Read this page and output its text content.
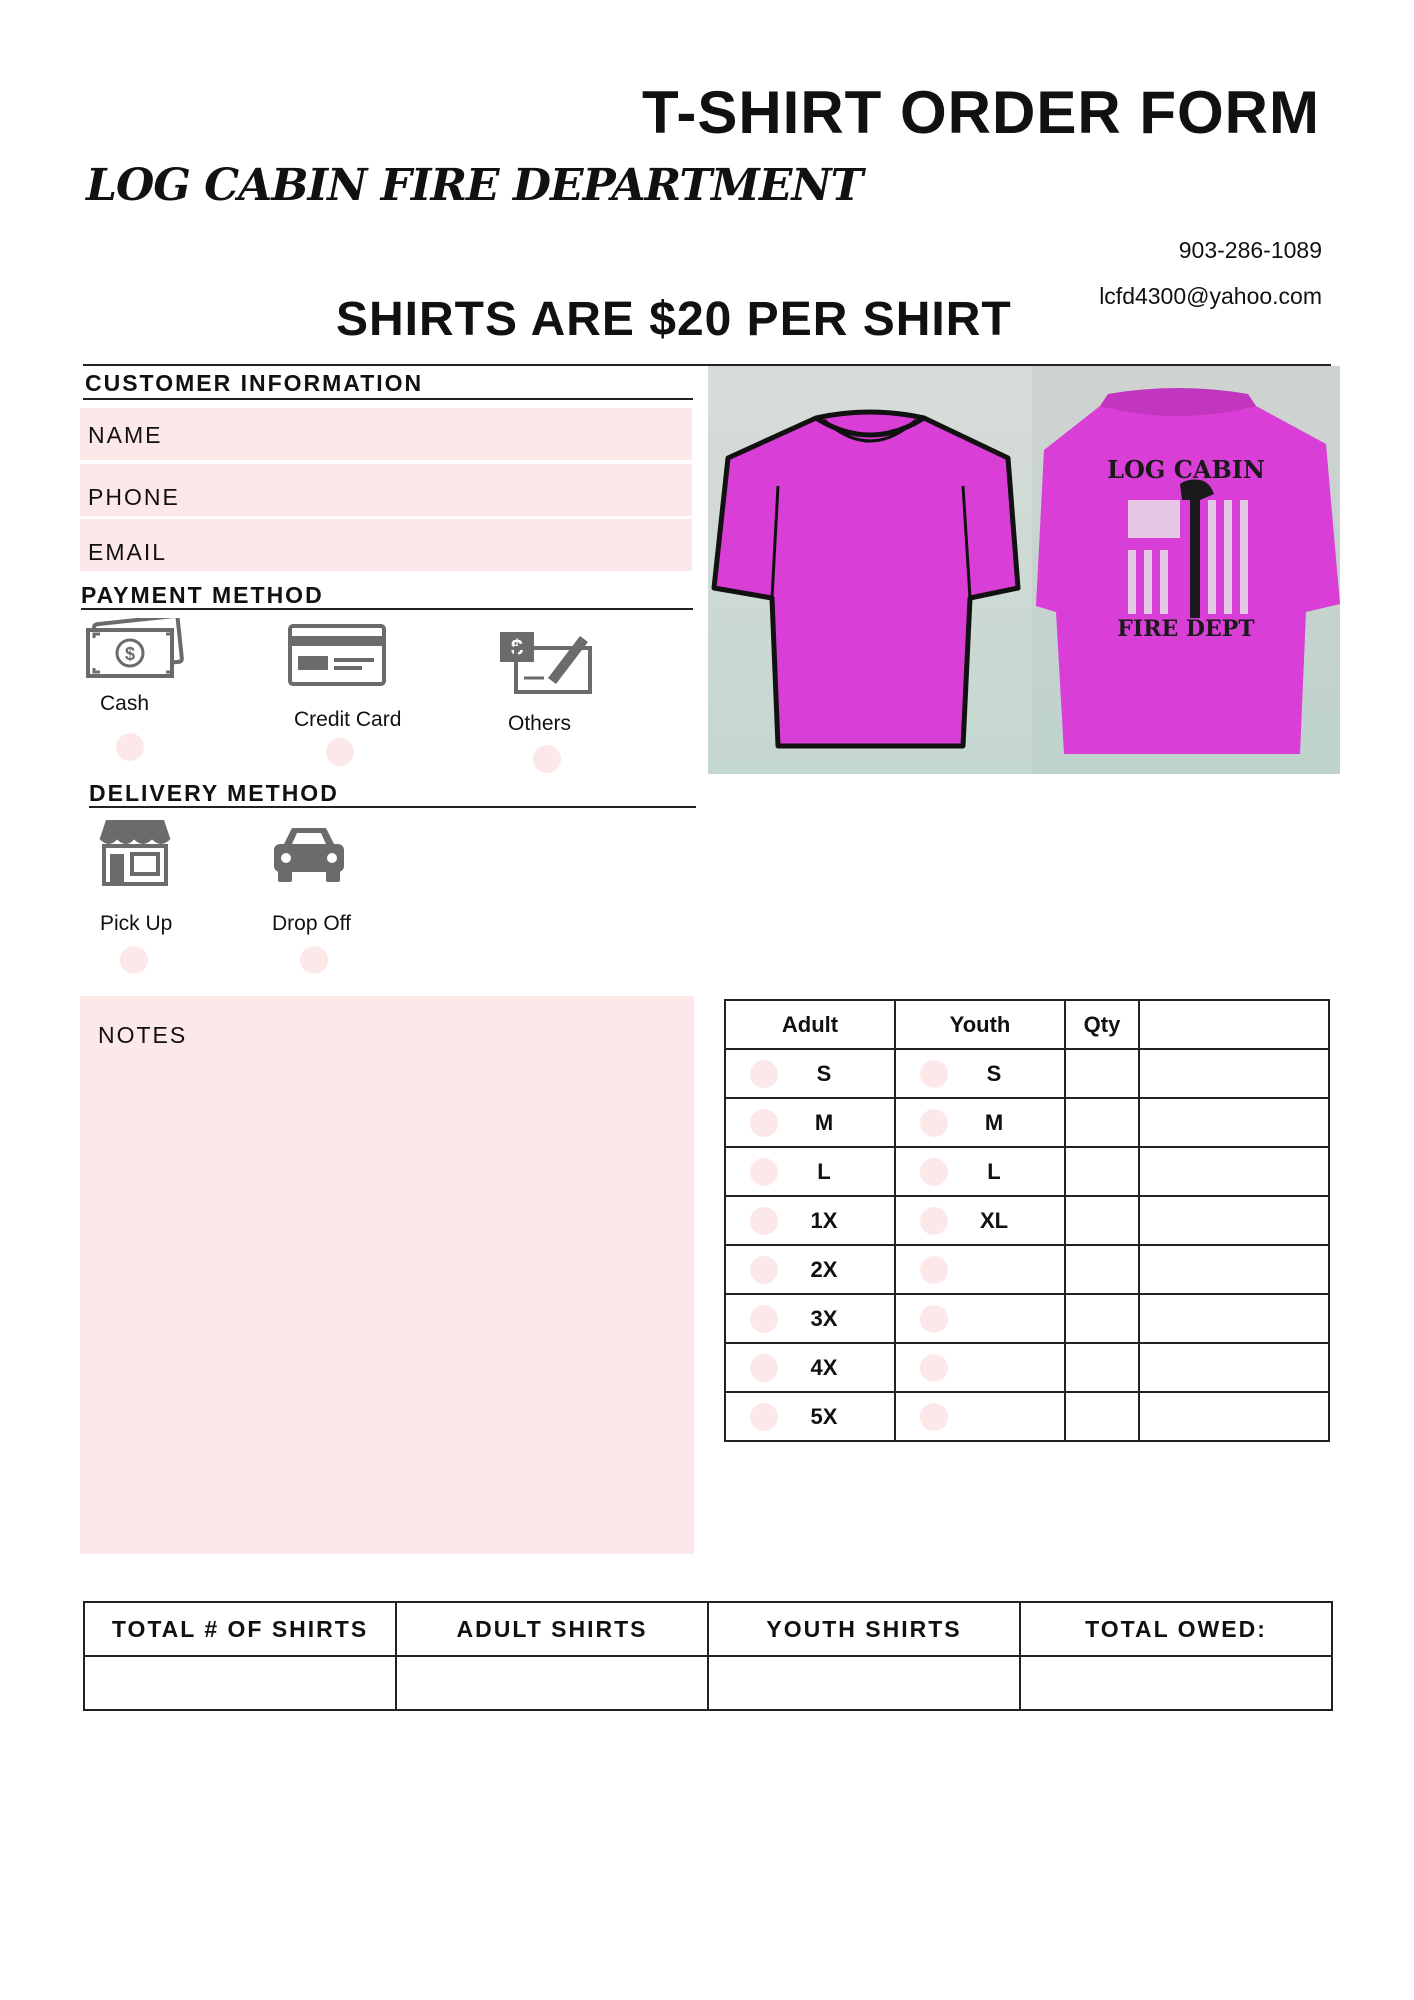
T-SHIRT ORDER FORM
LOG CABIN FIRE DEPARTMENT
903-286-1089
lcfd4300@yahoo.com
SHIRTS ARE $20 PER SHIRT
CUSTOMER INFORMATION
NAME
PHONE
EMAIL
PAYMENT METHOD
$
Cash
Credit Card
$
Others
DELIVERY METHOD
Pick Up	Drop Off
LOG CABIN
FIRE DEPT
NOTES	Adult	Youth	Qty	

S	S		

M	M		

L	L		

1X	XL		

2X	

3X	

4X	

5X	

TOTAL # OF SHIRTS	ADULT SHIRTS	YOUTH SHIRTS	TOTAL OWED:
